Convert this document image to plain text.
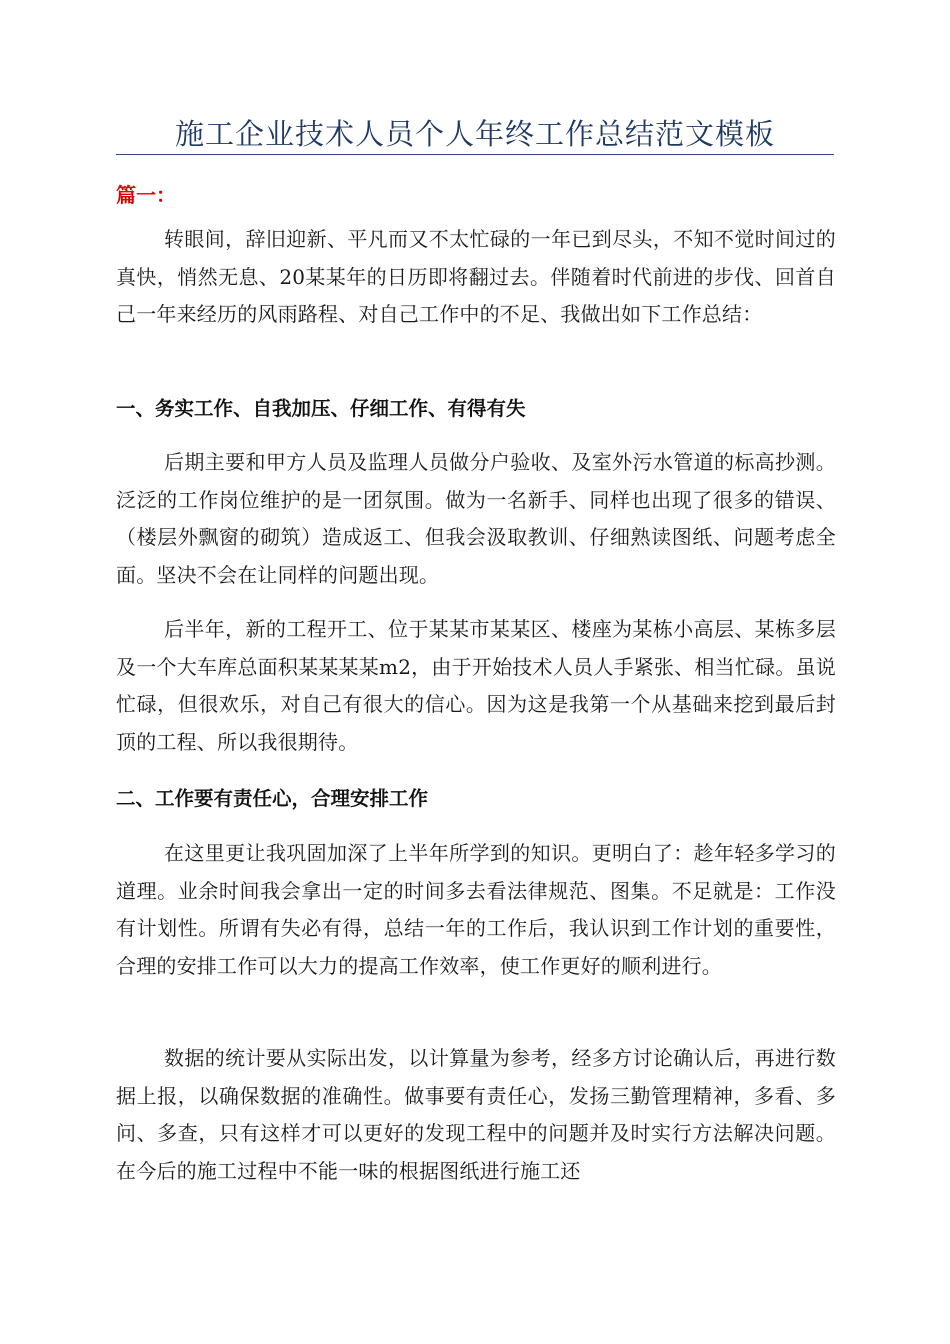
施工企业技术人员个人年终工作总结范文模板
篇一：

转眼间，辞旧迎新、平凡而又不太忙碌的一年已到尽头，不知不觉时间过的真快，悄然无息、20某某年的日历即将翻过去。伴随着时代前进的步伐、回首自己一年来经历的风雨路程、对自己工作中的不足、我做出如下工作总结：

一、务实工作、自我加压、仔细工作、有得有失

后期主要和甲方人员及监理人员做分户验收、及室外污水管道的标高抄测。泛泛的工作岗位维护的是一团氛围。做为一名新手、同样也出现了很多的错误、（楼层外飘窗的砌筑）造成返工、但我会汲取教训、仔细熟读图纸、问题考虑全面。坚决不会在让同样的问题出现。

后半年，新的工程开工、位于某某市某某区、楼座为某栋小高层、某栋多层及一个大车库总面积某某某某m2，由于开始技术人员人手紧张、相当忙碌。虽说忙碌，但很欢乐，对自己有很大的信心。因为这是我第一个从基础来挖到最后封顶的工程、所以我很期待。

二、工作要有责任心，合理安排工作

在这里更让我巩固加深了上半年所学到的知识。更明白了：趁年轻多学习的道理。业余时间我会拿出一定的时间多去看法律规范、图集。不足就是：工作没有计划性。所谓有失必有得，总结一年的工作后，我认识到工作计划的重要性，合理的安排工作可以大力的提高工作效率，使工作更好的顺利进行。

数据的统计要从实际出发，以计算量为参考，经多方讨论确认后，再进行数据上报，以确保数据的准确性。做事要有责任心，发扬三勤管理精神，多看、多问、多查，只有这样才可以更好的发现工程中的问题并及时实行方法解决问题。在今后的施工过程中不能一味的根据图纸进行施工还
